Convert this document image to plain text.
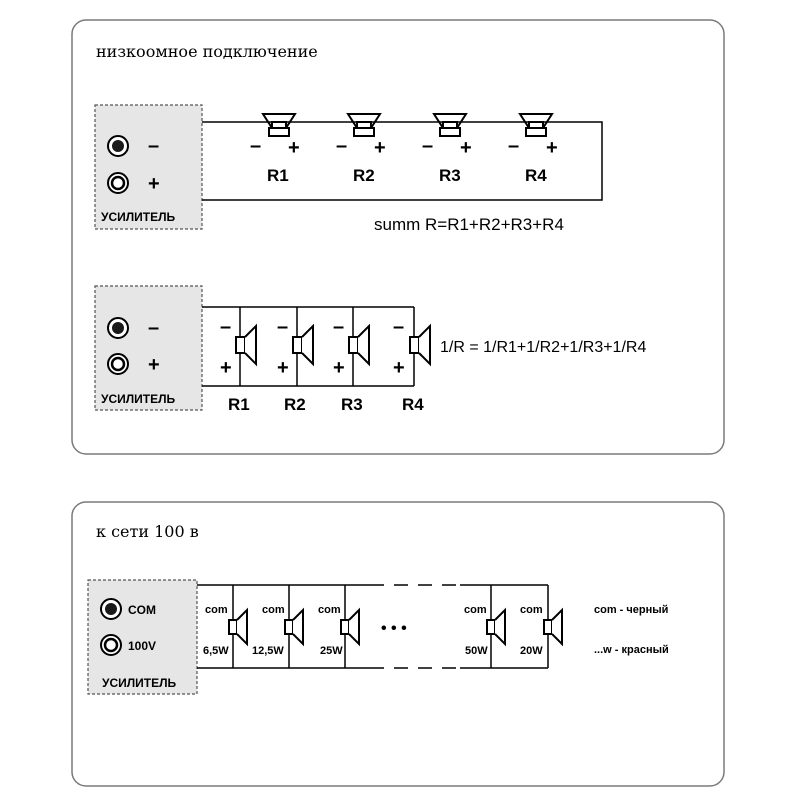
низкоомное подключение
–
+
УСИЛИТЕЛЬ
– + – + – + – +
R1	R2	R3	R4
summ R=R1+R2+R3+R4
–
+
УСИЛИТЕЛЬ
–
+
–
+
–
+
–
+
R1 R2 R3 R4
1/R = 1/R1+1/R2+1/R3+1/R4
к сети 100 в
COM
100V
УСИЛИТЕЛЬ
com	com	com	com	com
6,5W 12,5W	25W	50W	20W
• • •
com - черный
...w - красный
